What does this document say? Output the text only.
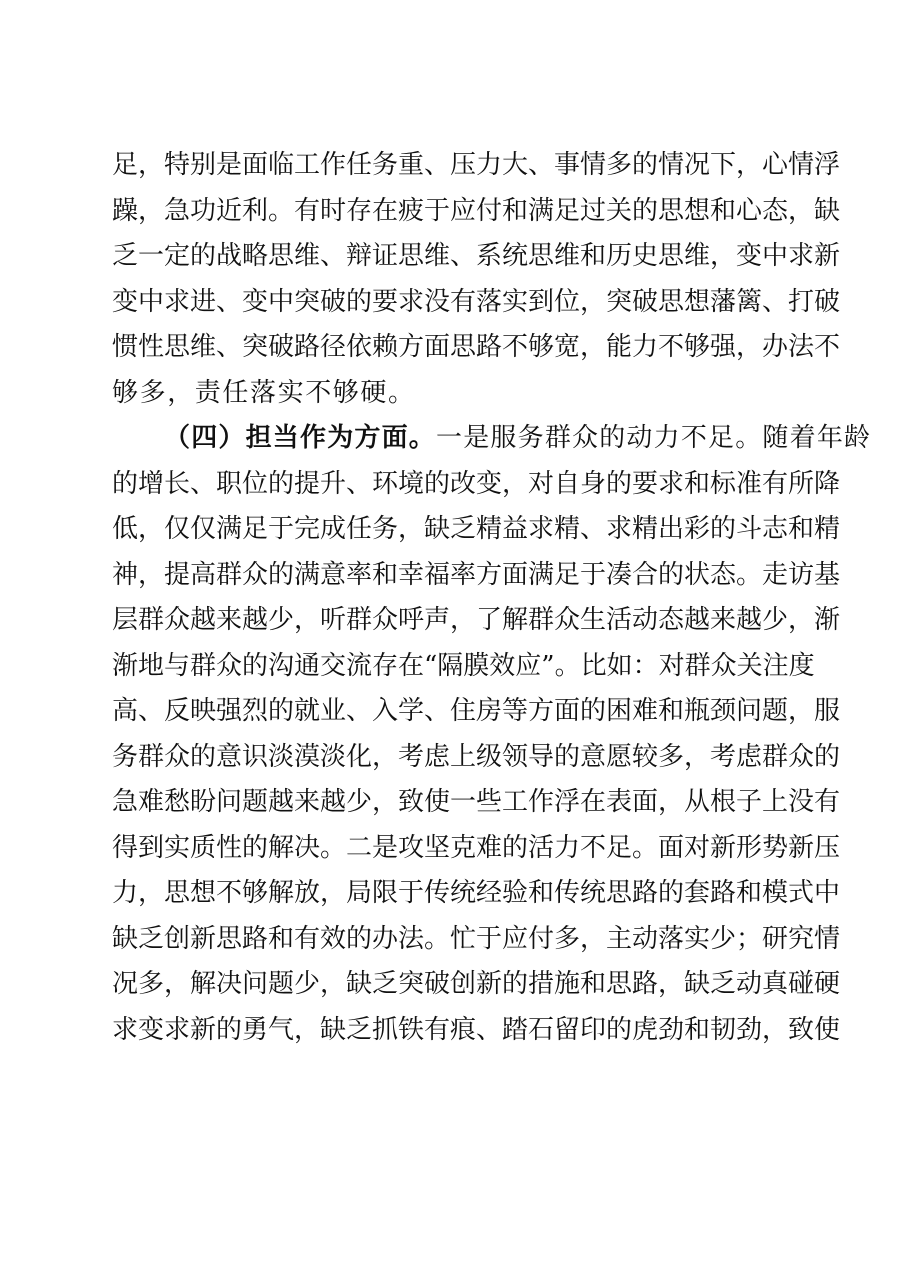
足，特别是面临工作任务重、压力大、事情多的情况下，心情浮
躁，急功近利。有时存在疲于应付和满足过关的思想和心态，缺
乏一定的战略思维、辩证思维、系统思维和历史思维，变中求新
变中求进、变中突破的要求没有落实到位，突破思想藩篱、打破
惯性思维、突破路径依赖方面思路不够宽，能力不够强，办法不
够多，责任落实不够硬。
（四）担当作为方面。一是服务群众的动力不足。随着年龄
的增长、职位的提升、环境的改变，对自身的要求和标准有所降
低，仅仅满足于完成任务，缺乏精益求精、求精出彩的斗志和精
神，提高群众的满意率和幸福率方面满足于凑合的状态。走访基
层群众越来越少，听群众呼声，了解群众生活动态越来越少，渐
渐地与群众的沟通交流存在“隔膜效应”。比如：对群众关注度
高、反映强烈的就业、入学、住房等方面的困难和瓶颈问题，服
务群众的意识淡漠淡化，考虑上级领导的意愿较多，考虑群众的
急难愁盼问题越来越少，致使一些工作浮在表面，从根子上没有
得到实质性的解决。二是攻坚克难的活力不足。面对新形势新压
力，思想不够解放，局限于传统经验和传统思路的套路和模式中
缺乏创新思路和有效的办法。忙于应付多，主动落实少；研究情
况多，解决问题少，缺乏突破创新的措施和思路，缺乏动真碰硬
求变求新的勇气，缺乏抓铁有痕、踏石留印的虎劲和韧劲，致使
